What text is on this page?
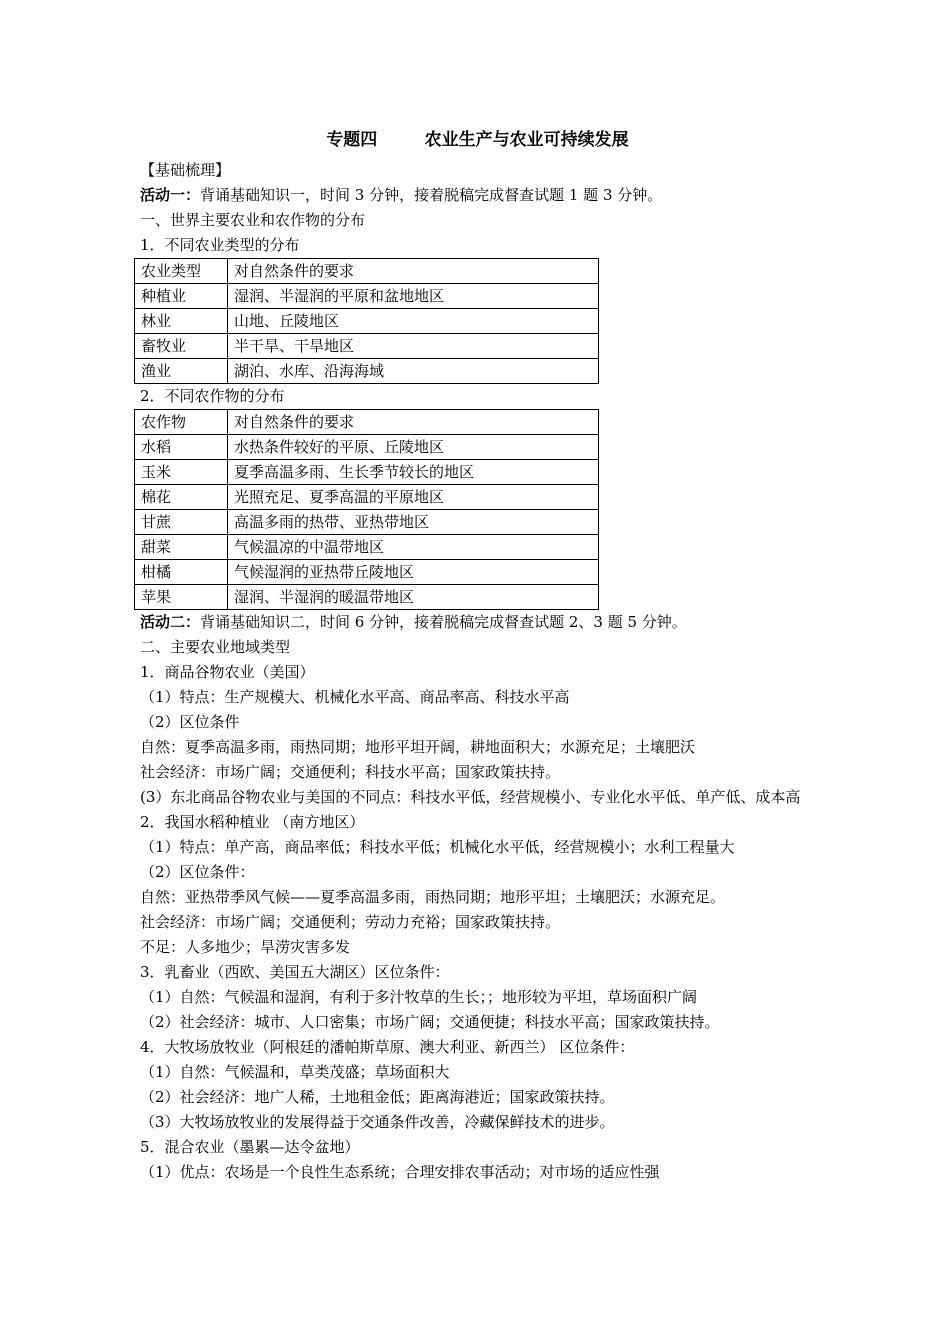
专题四        农业生产与农业可持续发展
【基础梳理】
活动一：背诵基础知识一，时间 3 分钟，接着脱稿完成督查试题 1 题 3 分钟。
一、世界主要农业和农作物的分布
1．不同农业类型的分布
农业类型	对自然条件的要求
种植业	湿润、半湿润的平原和盆地地区
林业	山地、丘陵地区
畜牧业	半干旱、干旱地区
渔业	湖泊、水库、沿海海域
2．不同农作物的分布
农作物	对自然条件的要求
水稻	水热条件较好的平原、丘陵地区
玉米	夏季高温多雨、生长季节较长的地区
棉花	光照充足、夏季高温的平原地区
甘蔗	高温多雨的热带、亚热带地区
甜菜	气候温凉的中温带地区
柑橘	气候湿润的亚热带丘陵地区
苹果	湿润、半湿润的暖温带地区
活动二：背诵基础知识二，时间 6 分钟，接着脱稿完成督查试题 2、3 题 5 分钟。
二、主要农业地域类型
1．商品谷物农业（美国）
（1）特点：生产规模大、机械化水平高、商品率高、科技水平高
（2）区位条件
自然：夏季高温多雨，雨热同期；地形平坦开阔，耕地面积大；水源充足；土壤肥沃
社会经济：市场广阔；交通便利；科技水平高；国家政策扶持。
(3）东北商品谷物农业与美国的不同点：科技水平低，经营规模小、专业化水平低、单产低、成本高
2．我国水稻种植业 （南方地区）
（1）特点：单产高，商品率低；科技水平低；机械化水平低，经营规模小；水利工程量大
（2）区位条件：
自然：亚热带季风气候——夏季高温多雨，雨热同期；地形平坦；土壤肥沃；水源充足。
社会经济：市场广阔；交通便利；劳动力充裕；国家政策扶持。
不足：人多地少；旱涝灾害多发
3．乳畜业（西欧、美国五大湖区）区位条件：
（1）自然：气候温和湿润，有利于多汁牧草的生长；；地形较为平坦，草场面积广阔
（2）社会经济：城市、人口密集；市场广阔；交通便捷；科技水平高；国家政策扶持。
4．大牧场放牧业（阿根廷的潘帕斯草原、澳大利亚、新西兰） 区位条件：
（1）自然：气候温和，草类茂盛；草场面积大
（2）社会经济：地广人稀，土地租金低；距离海港近；国家政策扶持。
（3）大牧场放牧业的发展得益于交通条件改善，冷藏保鲜技术的进步。
5．混合农业（墨累—达令盆地）
（1）优点：农场是一个良性生态系统；合理安排农事活动；对市场的适应性强
